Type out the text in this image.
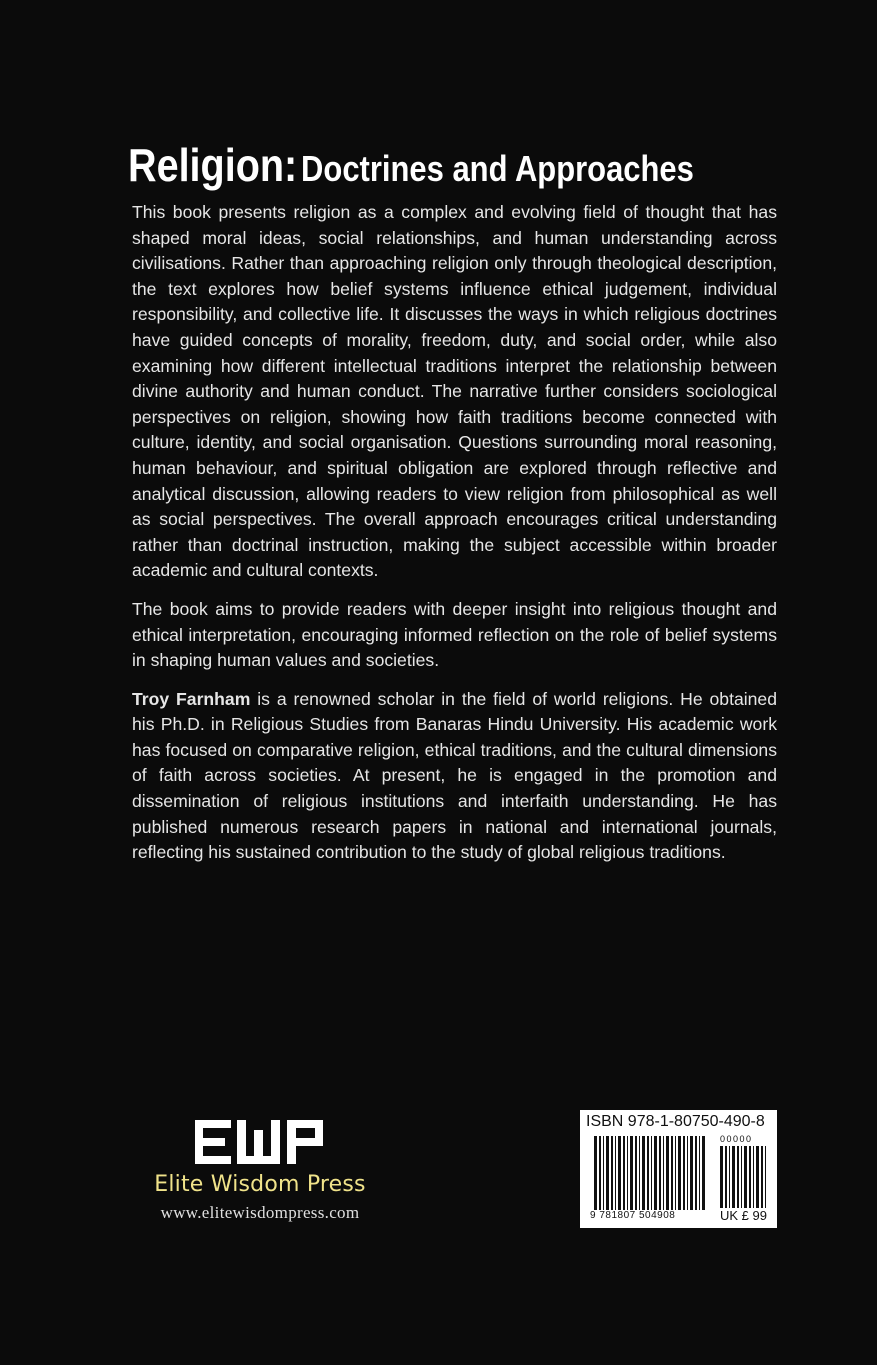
Religion: Doctrines and Approaches

This book presents religion as a complex and evolving field of thought that has shaped moral ideas, social relationships, and human understanding across civilisations. Rather than approaching religion only through theological description, the text explores how belief systems influence ethical judgement, individual responsibility, and collective life. It discusses the ways in which religious doctrines have guided concepts of morality, freedom, duty, and social order, while also examining how different intellectual traditions interpret the relationship between divine authority and human conduct. The narrative further considers sociological perspectives on religion, showing how faith traditions become connected with culture, identity, and social organisation. Questions surrounding moral reasoning, human behaviour, and spiritual obligation are explored through reflective and analytical discussion, allowing readers to view religion from philosophical as well as social perspectives. The overall approach encourages critical understanding rather than doctrinal instruction, making the subject accessible within broader academic and cultural contexts.

The book aims to provide readers with deeper insight into religious thought and ethical interpretation, encouraging informed reflection on the role of belief systems in shaping human values and societies.

Troy Farnham is a renowned scholar in the field of world religions. He obtained his Ph.D. in Religious Studies from Banaras Hindu University. His academic work has focused on comparative religion, ethical traditions, and the cultural dimensions of faith across societies. At present, he is engaged in the promotion and dissemination of religious institutions and interfaith understanding. He has published numerous research papers in national and international journals, reflecting his sustained contribution to the study of global religious traditions.

Elite Wisdom Press
www.elitewisdompress.com
ISBN 978-1-80750-490-8
00000
9 781807 504908	UK £ 99
